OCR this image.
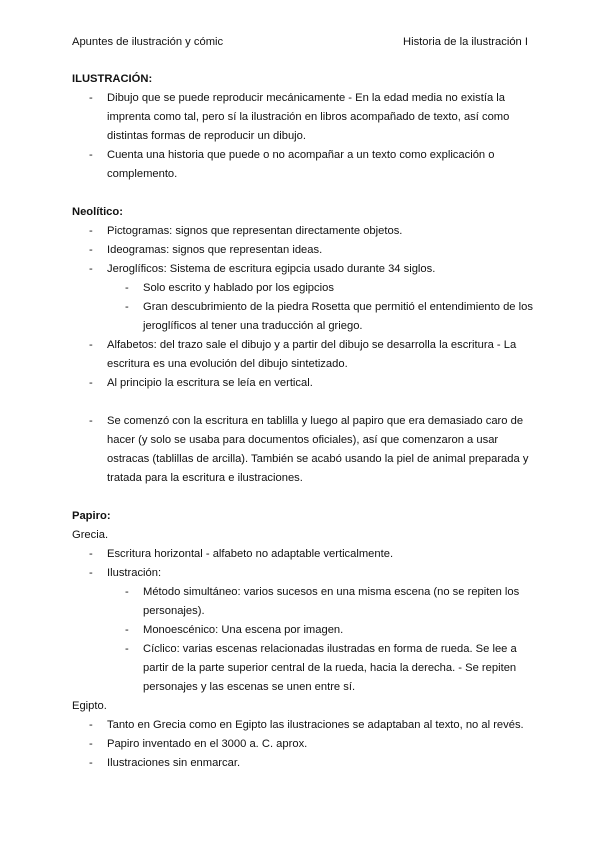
Apuntes de ilustración y cómic	Historia de la ilustración I

ILUSTRACIÓN:

- Dibujo que se puede reproducir mecánicamente - En la edad media no existía la imprenta como tal, pero sí la ilustración en libros acompañado de texto, así como distintas formas de reproducir un dibujo.
- Cuenta una historia que puede o no acompañar a un texto como explicación o complemento.

Neolítico:

- Pictogramas: signos que representan directamente objetos.
- Ideogramas: signos que representan ideas.
- Jeroglíficos: Sistema de escritura egipcia usado durante 34 siglos.
- Solo escrito y hablado por los egipcios
- Gran descubrimiento de la piedra Rosetta que permitió el entendimiento de los jeroglíficos al tener una traducción al griego.
- Alfabetos: del trazo sale el dibujo y a partir del dibujo se desarrolla la escritura - La escritura es una evolución del dibujo sintetizado.
- Al principio la escritura se leía en vertical.
- Se comenzó con la escritura en tablilla y luego al papiro que era demasiado caro de hacer (y solo se usaba para documentos oficiales), así que comenzaron a usar ostracas (tablillas de arcilla). También se acabó usando la piel de animal preparada y tratada para la escritura e ilustraciones.

Papiro:

Grecia.

- Escritura horizontal - alfabeto no adaptable verticalmente.
- Ilustración:
- Método simultáneo: varios sucesos en una misma escena (no se repiten los personajes).
- Monoescénico: Una escena por imagen.
- Cíclico: varias escenas relacionadas ilustradas en forma de rueda. Se lee a partir de la parte superior central de la rueda, hacia la derecha. - Se repiten personajes y las escenas se unen entre sí.

Egipto.

- Tanto en Grecia como en Egipto las ilustraciones se adaptaban al texto, no al revés.
- Papiro inventado en el 3000 a. C. aprox.
- Ilustraciones sin enmarcar.
